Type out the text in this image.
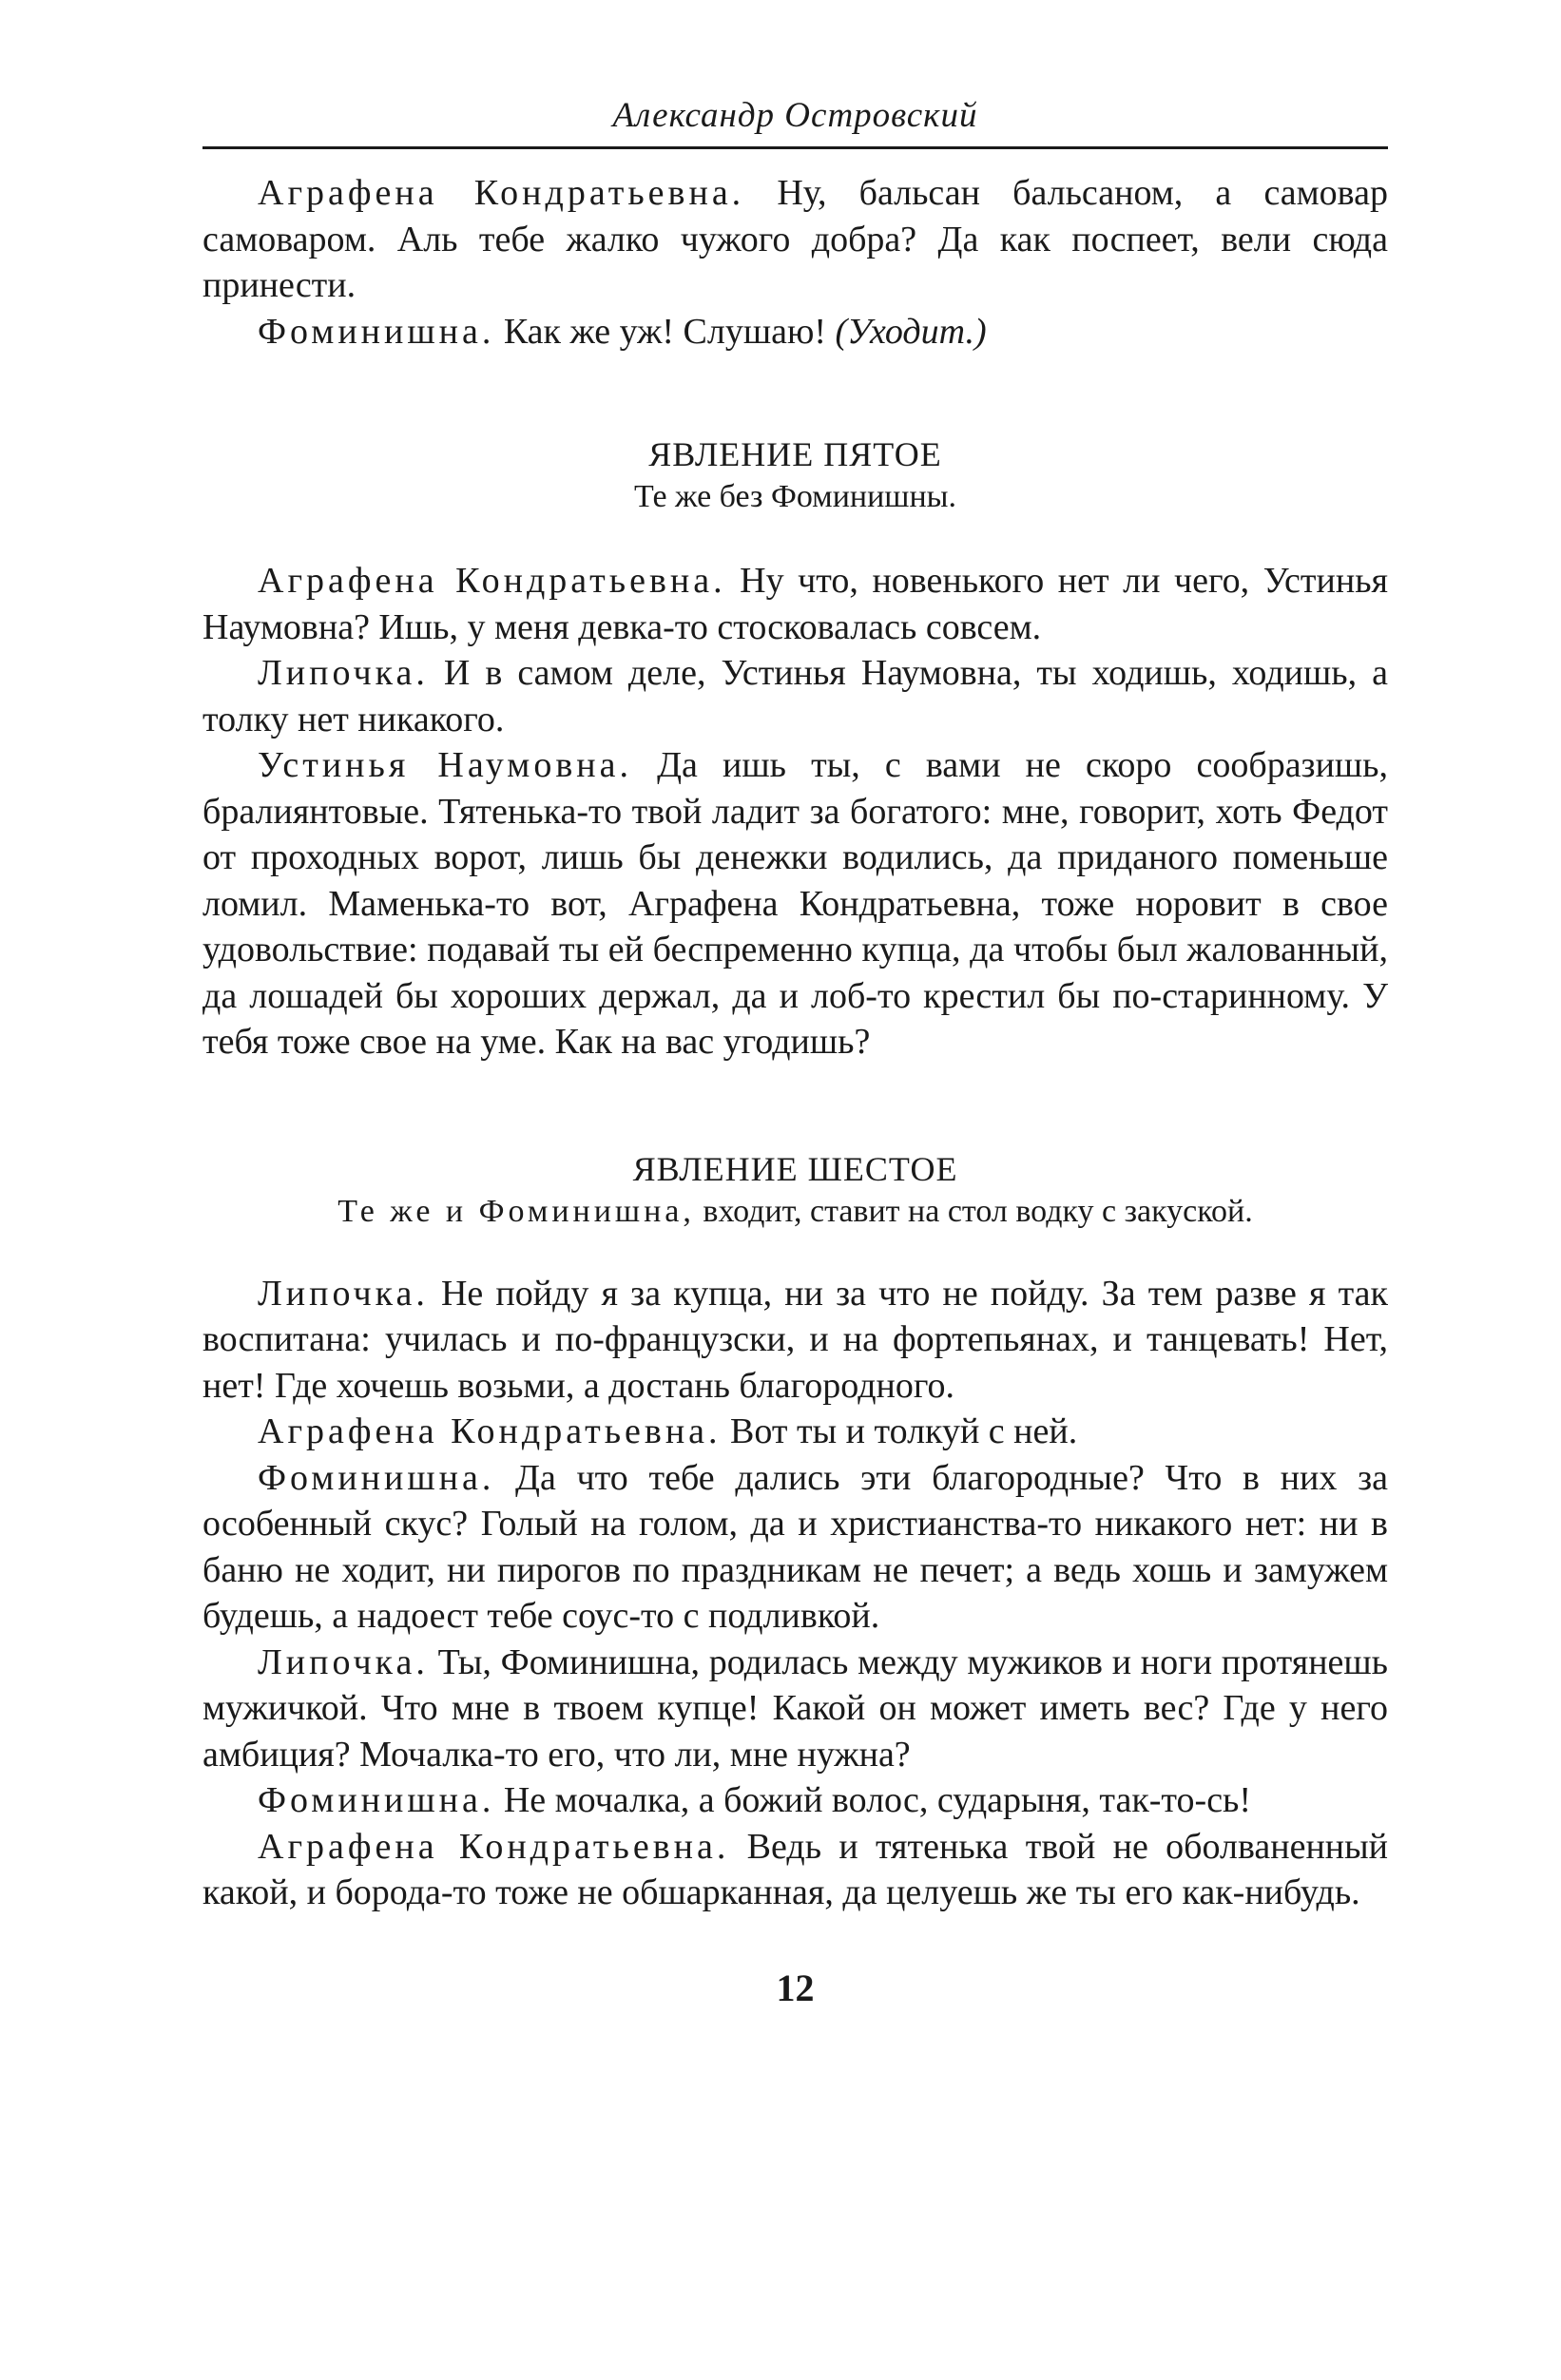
Александр Островский

Аграфена Кондратьевна. Ну, бальсан бальсаном, а самовар самоваром. Аль тебе жалко чужого добра? Да как поспеет, вели сюда принести.

Фоминишна. Как же уж! Слушаю! (Уходит.)

ЯВЛЕНИЕ ПЯТОЕ

Те же без Фоминишны.

Аграфена Кондратьевна. Ну что, новенького нет ли чего, Устинья Наумовна? Ишь, у меня девка-то стосковалась совсем.

Липочка. И в самом деле, Устинья Наумовна, ты ходишь, ходишь, а толку нет никакого.

Устинья Наумовна. Да ишь ты, с вами не скоро сообразишь, бралиянтовые. Тятенька-то твой ладит за богатого: мне, говорит, хоть Федот от проходных ворот, лишь бы денежки водились, да приданого поменьше ломил. Маменька-то вот, Аграфена Кондратьевна, тоже норовит в свое удовольствие: подавай ты ей беспременно купца, да чтобы был жалованный, да лошадей бы хороших держал, да и лоб-то крестил бы по-старинному. У тебя тоже свое на уме. Как на вас угодишь?

ЯВЛЕНИЕ ШЕСТОЕ

Те же и Фоминишна, входит, ставит на стол водку с закуской.

Липочка. Не пойду я за купца, ни за что не пойду. За тем разве я так воспитана: училась и по-французски, и на фортепьянах, и танцевать! Нет, нет! Где хочешь возьми, а достань благородного.

Аграфена Кондратьевна. Вот ты и толкуй с ней.

Фоминишна. Да что тебе дались эти благородные? Что в них за особенный скус? Голый на голом, да и христианства-то никакого нет: ни в баню не ходит, ни пирогов по праздникам не печет; а ведь хошь и замужем будешь, а надоест тебе соус-то с подливкой.

Липочка. Ты, Фоминишна, родилась между мужиков и ноги протянешь мужичкой. Что мне в твоем купце! Какой он может иметь вес? Где у него амбиция? Мочалка-то его, что ли, мне нужна?

Фоминишна. Не мочалка, а божий волос, сударыня, так-то-сь!

Аграфена Кондратьевна. Ведь и тятенька твой не оболваненный какой, и борода-то тоже не обшарканная, да целуешь же ты его как-нибудь.

12
